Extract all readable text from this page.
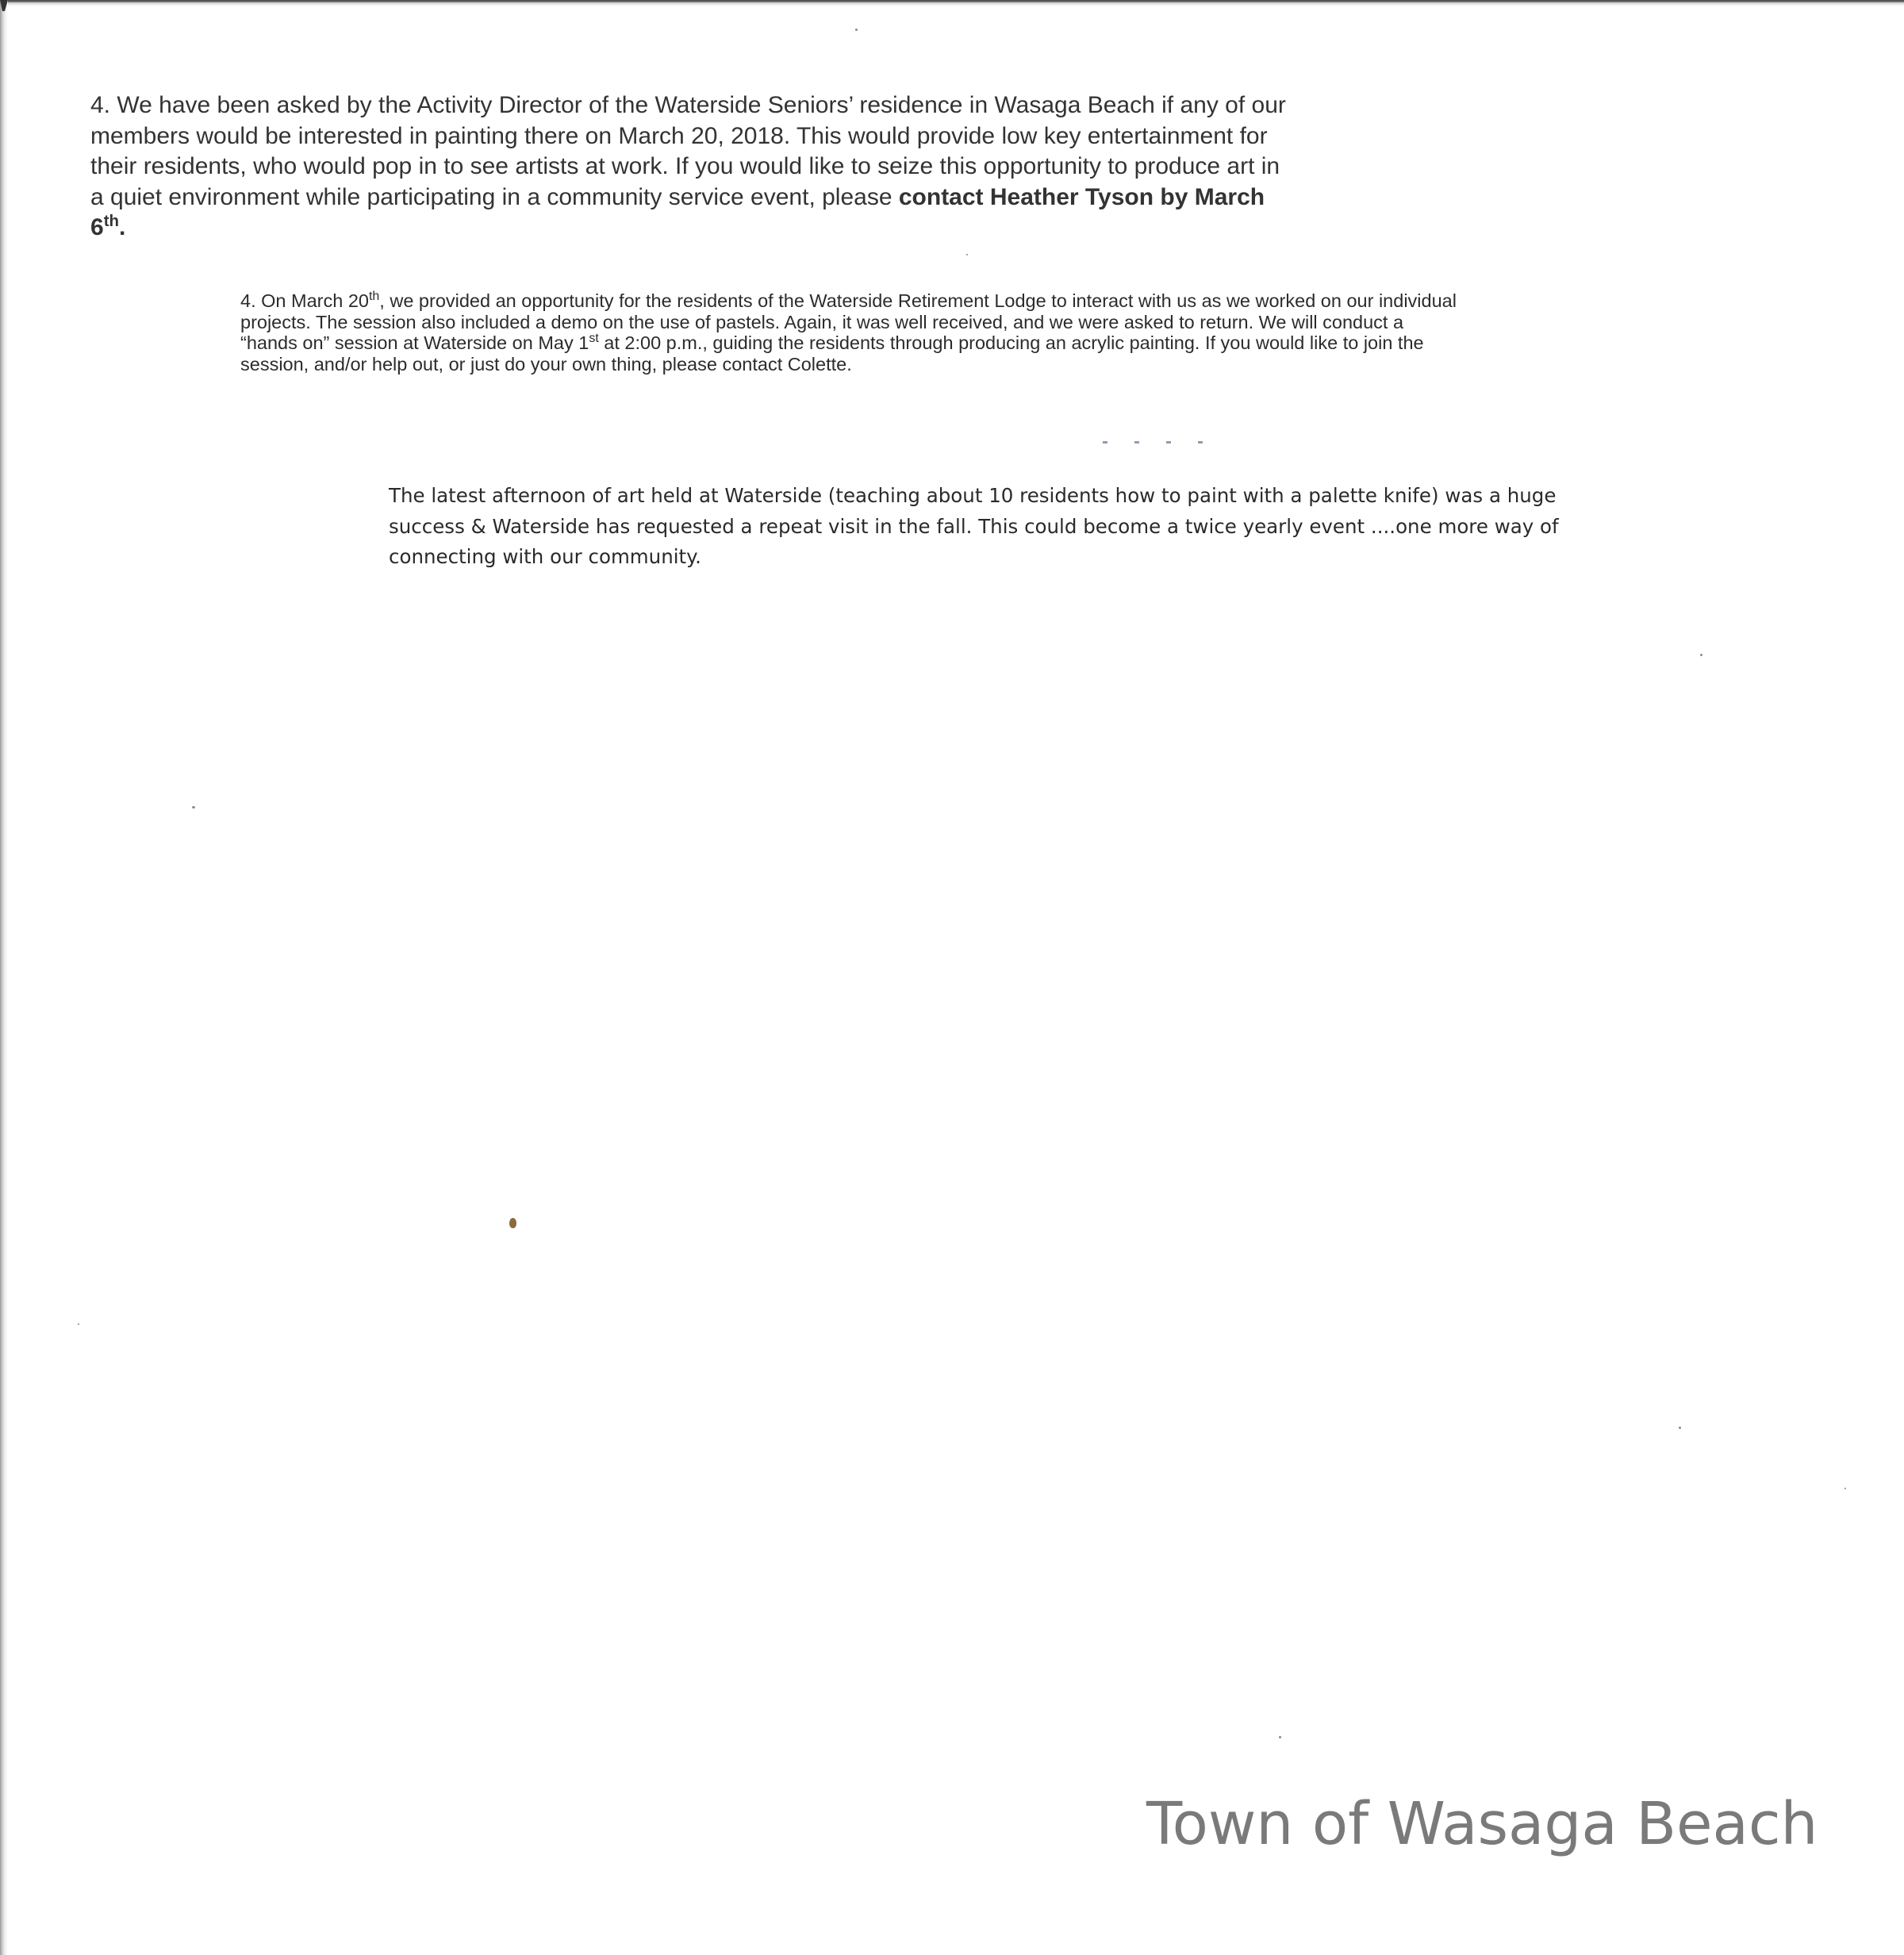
4. We have been asked by the Activity Director of the Waterside Seniors’ residence in Wasaga Beach if any of our members would be interested in painting there on March 20, 2018. This would provide low key entertainment for their residents, who would pop in to see artists at work. If you would like to seize this opportunity to produce art in a quiet environment while participating in a community service event, please contact Heather Tyson by March 6th.

4. On March 20th, we provided an opportunity for the residents of the Waterside Retirement Lodge to interact with us as we worked on our individual projects. The session also included a demo on the use of pastels. Again, it was well received, and we were asked to return. We will conduct a “hands on” session at Waterside on May 1st at 2:00 p.m., guiding the residents through producing an acrylic painting. If you would like to join the session, and/or help out, or just do your own thing, please contact Colette.

The latest afternoon of art held at Waterside (teaching about 10 residents how to paint with a palette knife) was a huge success & Waterside has requested a repeat visit in the fall. This could become a twice yearly event ....one more way of connecting with our community.

Town of Wasaga Beach
